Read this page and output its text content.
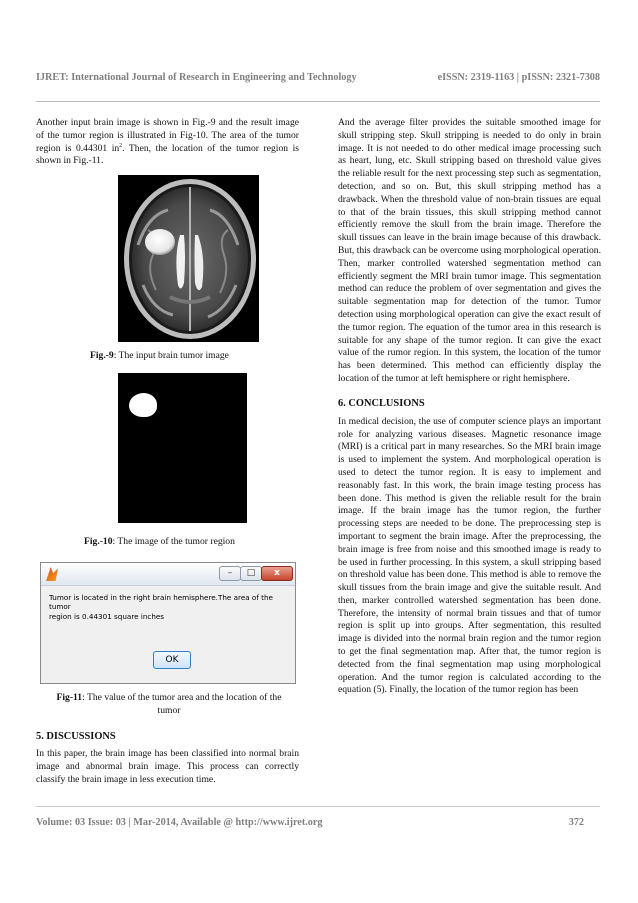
IJRET: International Journal of Research in Engineering and Technology	eISSN: 2319-1163 | pISSN: 2321-7308

Another input brain image is shown in Fig.-9 and the result image of the tumor region is illustrated in Fig-10. The area of the tumor region is 0.44301 $in^2$. Then, the location of the tumor region is shown in Fig.-11.

Fig.-9: The input brain tumor image
Fig.-10: The image of the tumor region
–	□	x
Tumor is located in the right brain hemisphere.The area of the tumor
region is 0.44301 square inches
OK
Fig-11: The value of the tumor area and the location of the
tumor

5. DISCUSSIONS

In this paper, the brain image has been classified into normal brain image and abnormal brain image. This process can correctly classify the brain image in less execution time.

And the average filter provides the suitable smoothed image for skull stripping step. Skull stripping is needed to do only in brain image. It is not needed to do other medical image processing such as heart, lung, etc. Skull stripping based on threshold value gives the reliable result for the next processing step such as segmentation, detection, and so on. But, this skull stripping method has a drawback. When the threshold value of non-brain tissues are equal to that of the brain tissues, this skull stripping method cannot efficiently remove the skull from the brain image. Therefore the skull tissues can leave in the brain image because of this drawback. But, this drawback can be overcome using morphological operation. Then, marker controlled watershed segmentation method can efficiently segment the MRI brain tumor image. This segmentation method can reduce the problem of over segmentation and gives the suitable segmentation map for detection of the tumor. Tumor detection using morphological operation can give the exact result of the tumor region. The equation of the tumor area in this research is suitable for any shape of the tumor region. It can give the exact value of the rumor region. In this system, the location of the tumor has been determined. This method can efficiently display the location of the tumor at left hemisphere or right hemisphere.

6. CONCLUSIONS

In medical decision, the use of computer science plays an important role for analyzing various diseases. Magnetic resonance image (MRI) is a critical part in many researches. So the MRI brain image is used to implement the system. And morphological operation is used to detect the tumor region. It is easy to implement and reasonably fast. In this work, the brain image testing process has been done. This method is given the reliable result for the brain image. If the brain image has the tumor region, the further processing steps are needed to be done. The preprocessing step is important to segment the brain image. After the preprocessing, the brain image is free from noise and this smoothed image is ready to be used in further processing. In this system, a skull stripping based on threshold value has been done. This method is able to remove the skull tissues from the brain image and give the suitable result. And then, marker controlled watershed segmentation has been done. Therefore, the intensity of normal brain tissues and that of tumor region is split up into groups. After segmentation, this resulted image is divided into the normal brain region and the tumor region to get the final segmentation map. After that, the tumor region is detected from the final segmentation map using morphological operation. And the tumor region is calculated according to the equation (5). Finally, the location of the tumor region has been

Volume: 03 Issue: 03 | Mar-2014, Available @ http://www.ijret.org	372
